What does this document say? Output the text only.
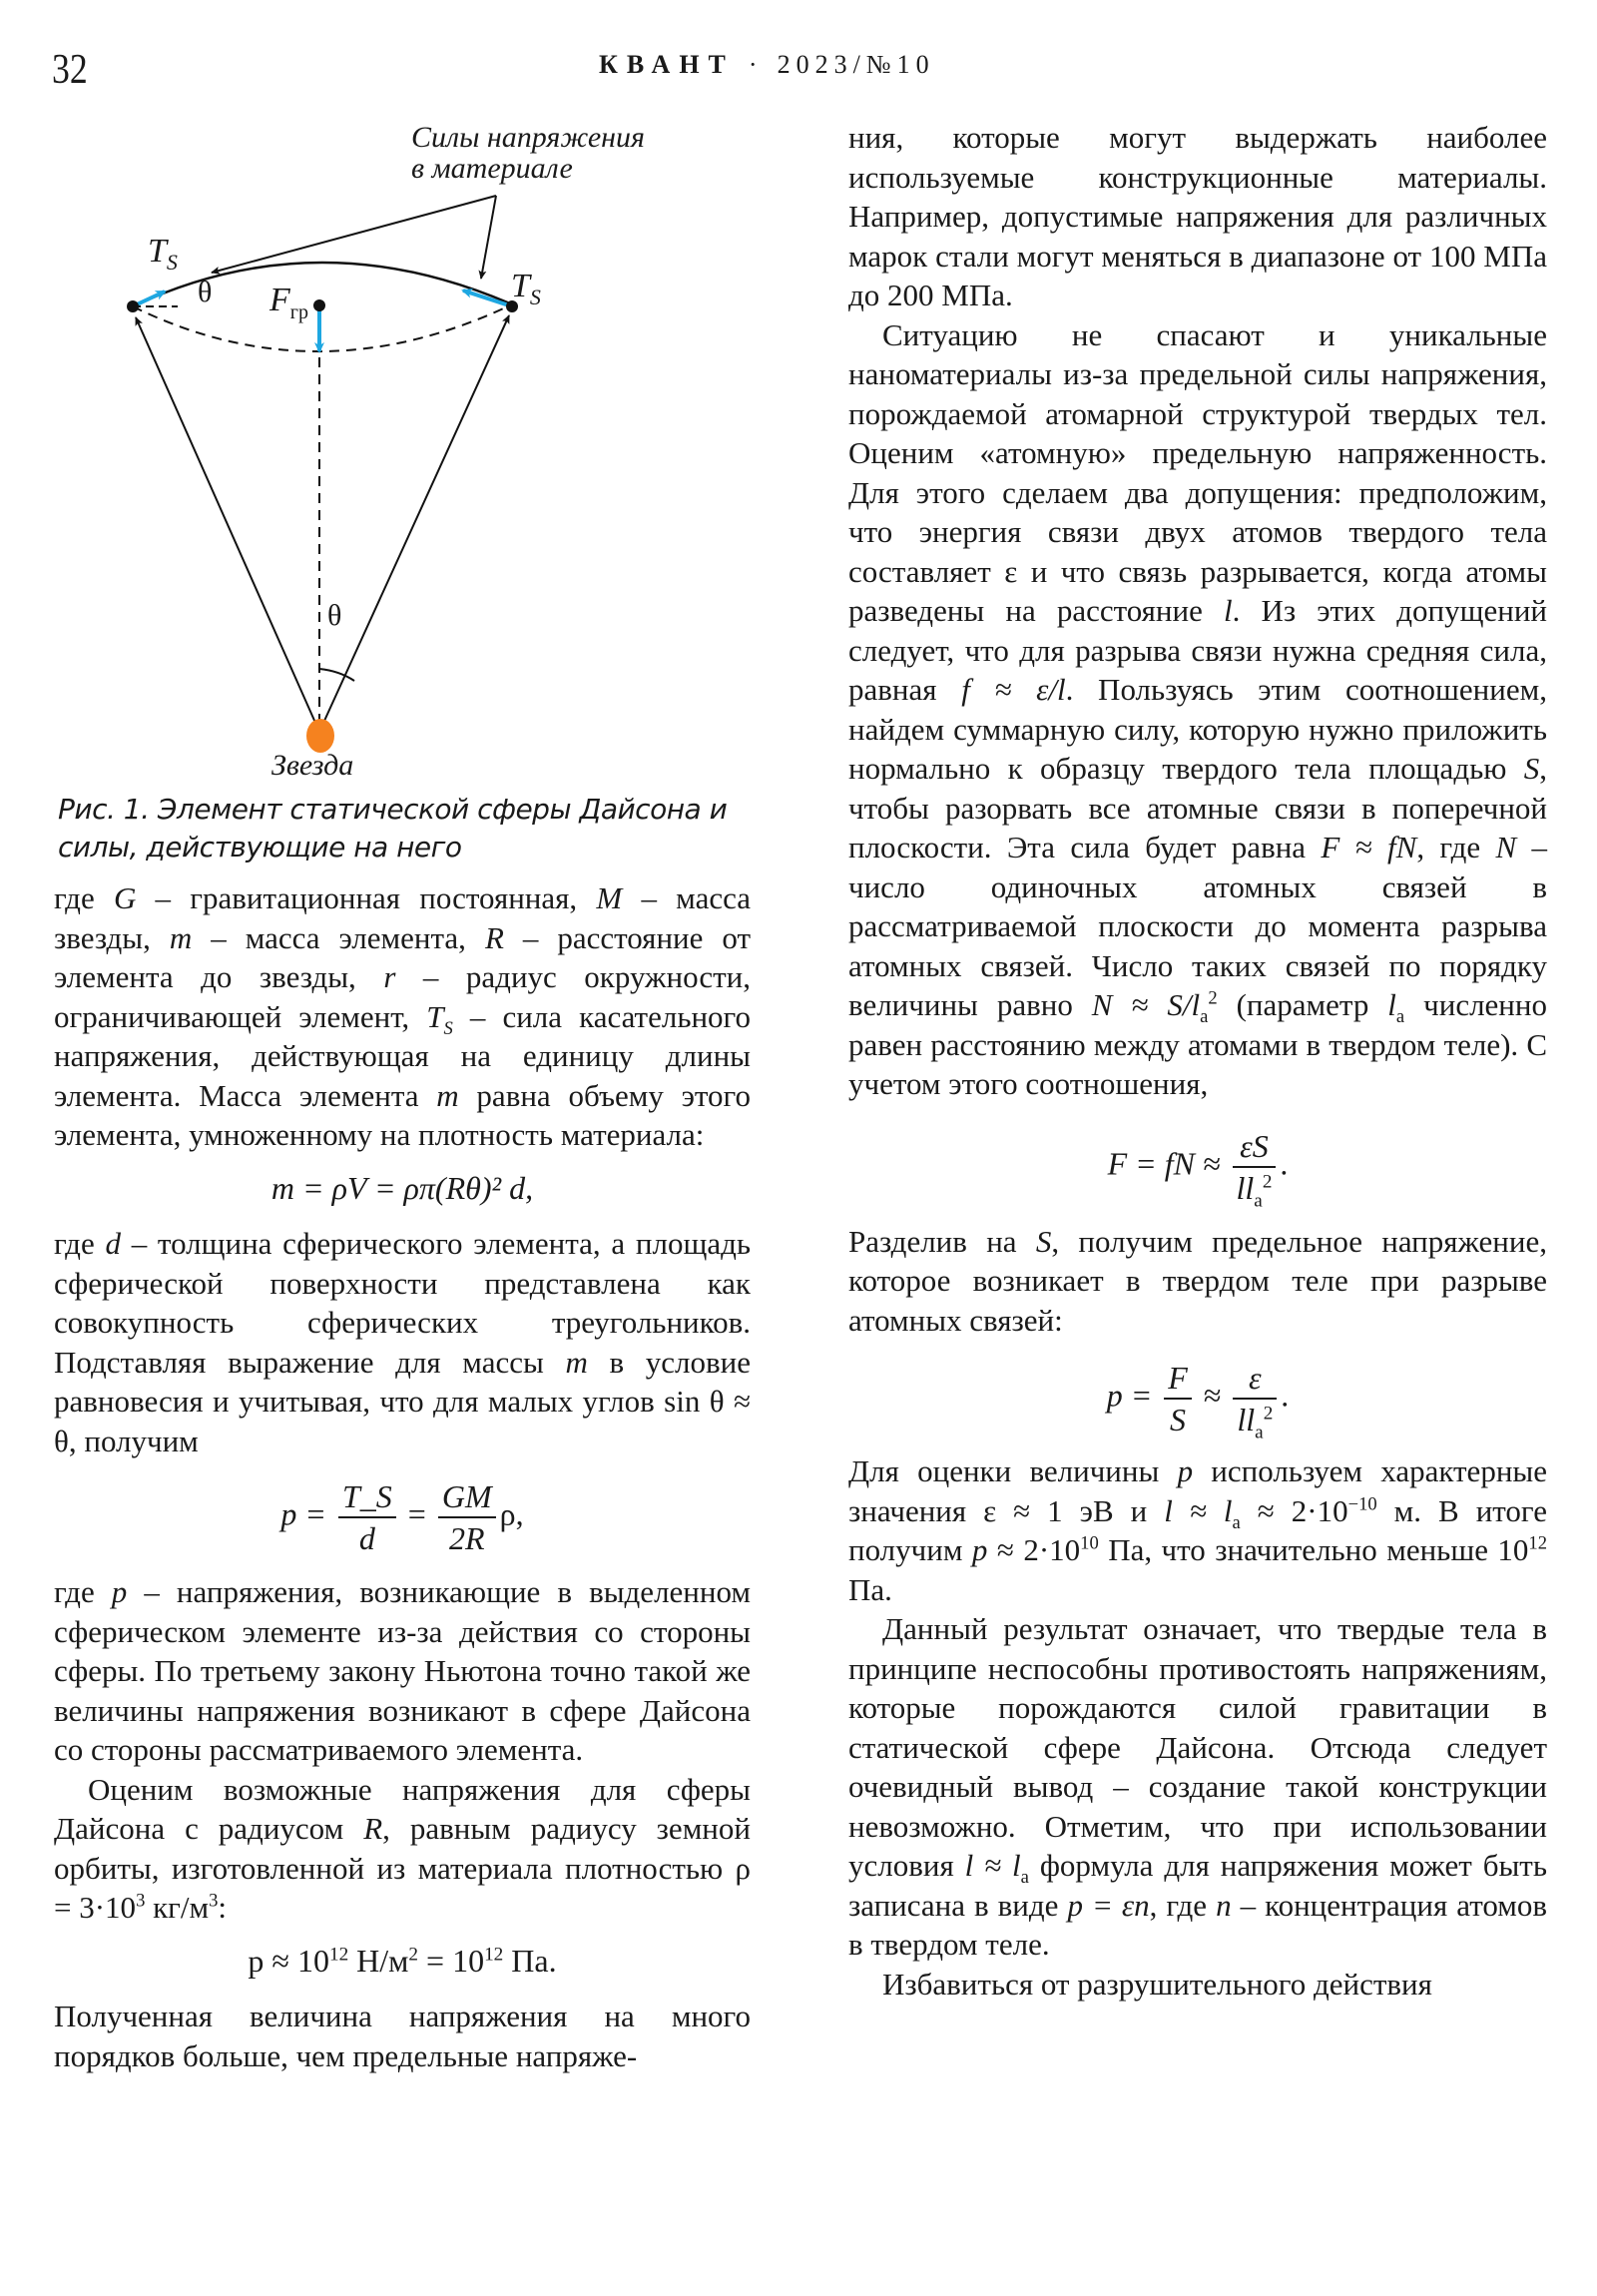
32	КВАНТ · 2023/№10
Силы напряжения
в материале
$T_S$
$T_S$
θ $F_{гр}$
θ
Звезда
Рис. 1. Элемент статической сферы Дайсона и силы, действующие на него

где G – гравитационная постоянная, M – масса звезды, m – масса элемента, R – расстояние от элемента до звезды, r – радиус окружности, ограничивающей элемент, $T_S$ – сила касательного напряжения, действующая на единицу длины элемента. Масса элемента m равна объему этого элемента, умноженному на плотность материала:

m = ρV = ρπ(Rθ)² d,

где d – толщина сферического элемента, а площадь сферической поверхности представлена как совокупность сферических треугольников. Подставляя выражение для массы m в условие равновесия и учитывая, что для малых углов sin θ ≈ θ, получим

$p = \frac{T\_S}{d} = \frac{GM}{2R} \rho$,

где p – напряжения, возникающие в выделенном сферическом элементе из-за действия со стороны сферы. По третьему закону Ньютона точно такой же величины напряжения возникают в сфере Дайсона со стороны рассматриваемого элемента.

Оценим возможные напряжения для сферы Дайсона с радиусом R, равным радиусу земной орбиты, изготовленной из материала плотностью $\rho = 3\cdot 10^3$ $кг/м^3$:

$p \approx 10^{12}$ $Н/м^2 = 10^{12}$ Па.

Полученная величина напряжения на много порядков больше, чем предельные напряже-

ния, которые могут выдержать наиболее используемые конструкционные материалы. Например, допустимые напряжения для различных марок стали могут меняться в диапазоне от 100 МПа до 200 МПа.

Ситуацию не спасают и уникальные наноматериалы из-за предельной силы напряжения, порождаемой атомарной структурой твердых тел. Оценим «атомную» предельную напряженность. Для этого сделаем два допущения: предположим, что энергия связи двух атомов твердого тела составляет ε и что связь разрывается, когда атомы разведены на расстояние l. Из этих допущений следует, что для разрыва связи нужна средняя сила, равная f ≈ ε/l. Пользуясь этим соотношением, найдем суммарную силу, которую нужно приложить нормально к образцу твердого тела площадью S, чтобы разорвать все атомные связи в поперечной плоскости. Эта сила будет равна F ≈ fN, где N – число одиночных атомных связей в рассматриваемой плоскости до момента разрыва атомных связей. Число таких связей по порядку величины равно $N \approx S/l_а^2$ (параметр $l_а$ численно равен расстоянию между атомами в твердом теле). С учетом этого соотношения,

F = fN ≈ $\frac{\varepsilon S}{ll_а^2}$ .

Разделив на S, получим предельное напряжение, которое возникает в твердом теле при разрыве атомных связей:

$p = \frac{F}{S} \approx \frac{\varepsilon}{ll_а^2}$ .

Для оценки величины p используем характерные значения ε ≈ 1 эВ и $l \approx l_а \approx 2\cdot 10^{-10}$ м. В итоге получим $p \approx 2\cdot 10^{10}$ Па, что значительно меньше $10^{12}$ Па.

Данный результат означает, что твердые тела в принципе неспособны противостоять напряжениям, которые порождаются силой гравитации в статической сфере Дайсона. Отсюда следует очевидный вывод – создание такой конструкции невозможно. Отметим, что при использовании условия $l \approx l_а$ формула для напряжения может быть записана в виде p = εn, где n – концентрация атомов в твердом теле.

Избавиться от разрушительного действия
